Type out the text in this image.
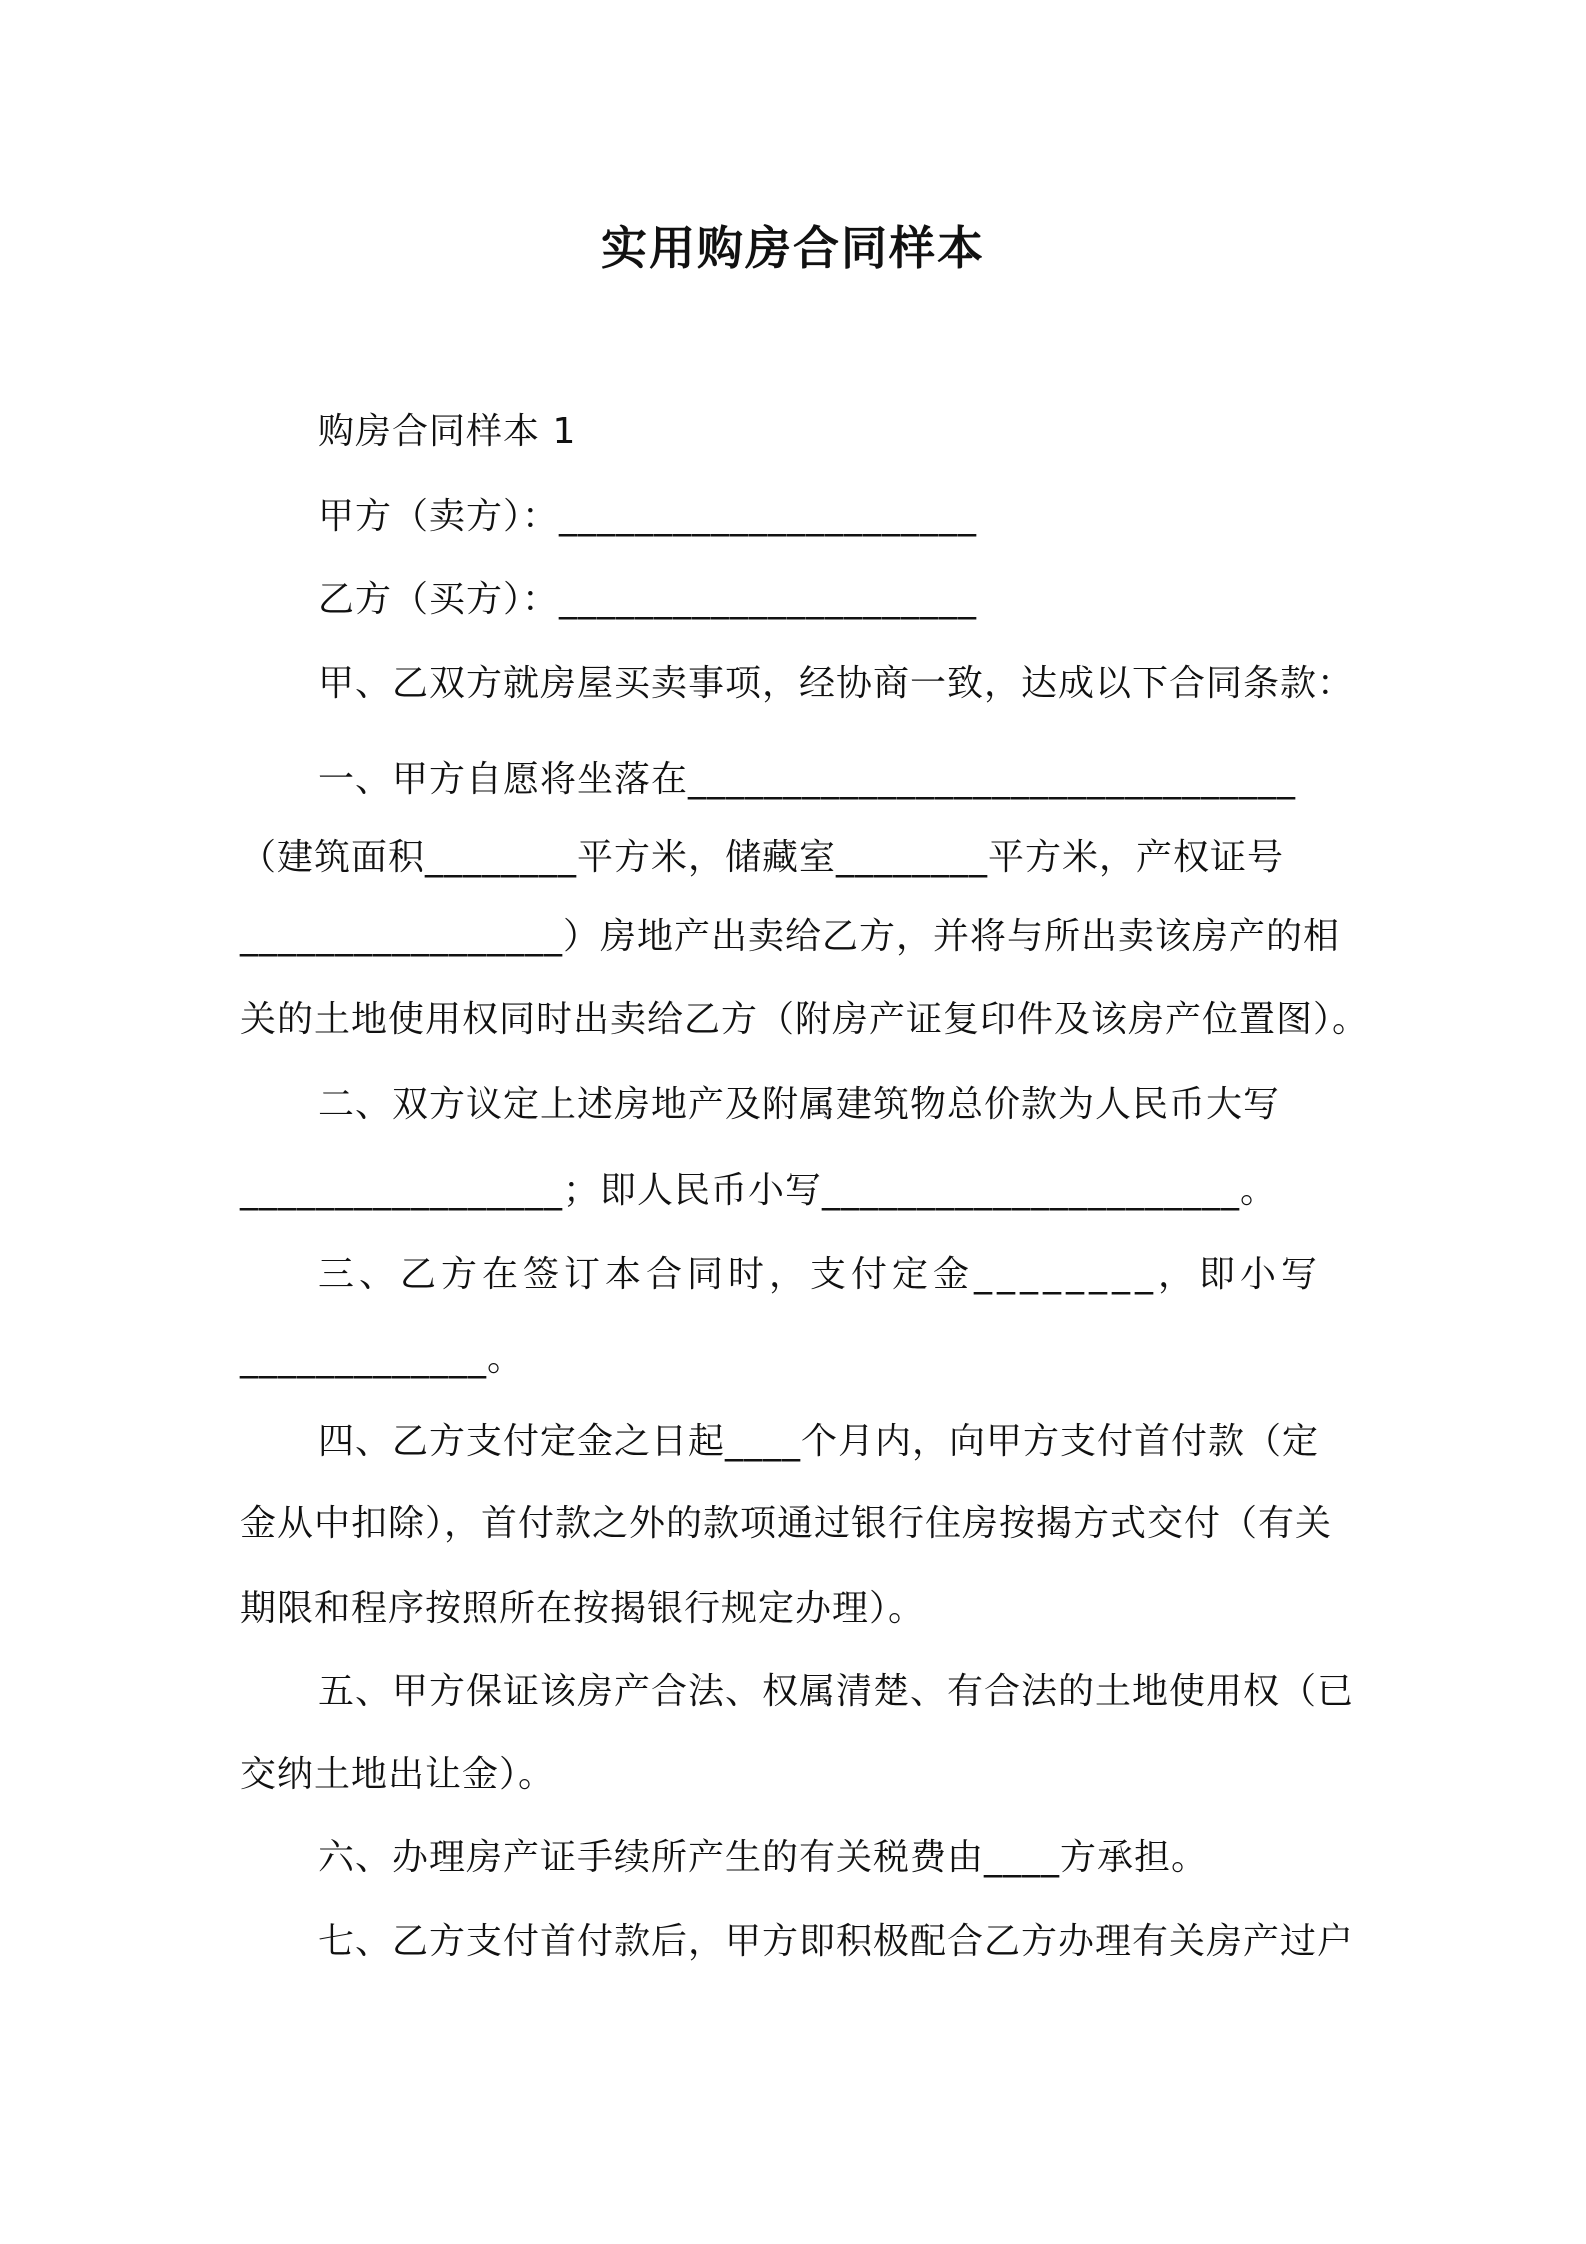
实用购房合同样本
购房合同样本 1
甲方（卖方）：______________________
乙方（买方）：______________________
甲、乙双方就房屋买卖事项，经协商一致，达成以下合同条款：
一、甲方自愿将坐落在________________________________
（建筑面积________平方米，储藏室________平方米，产权证号
_________________）房地产出卖给乙方，并将与所出卖该房产的相
关的土地使用权同时出卖给乙方（附房产证复印件及该房产位置图）。
二、双方议定上述房地产及附属建筑物总价款为人民币大写
_________________；即人民币小写______________________。
三、乙方在签订本合同时，支付定金________，即小写
_____________。
四、乙方支付定金之日起____个月内，向甲方支付首付款（定
金从中扣除），首付款之外的款项通过银行住房按揭方式交付（有关
期限和程序按照所在按揭银行规定办理）。
五、甲方保证该房产合法、权属清楚、有合法的土地使用权（已
交纳土地出让金）。
六、办理房产证手续所产生的有关税费由____方承担。
七、乙方支付首付款后，甲方即积极配合乙方办理有关房产过户
